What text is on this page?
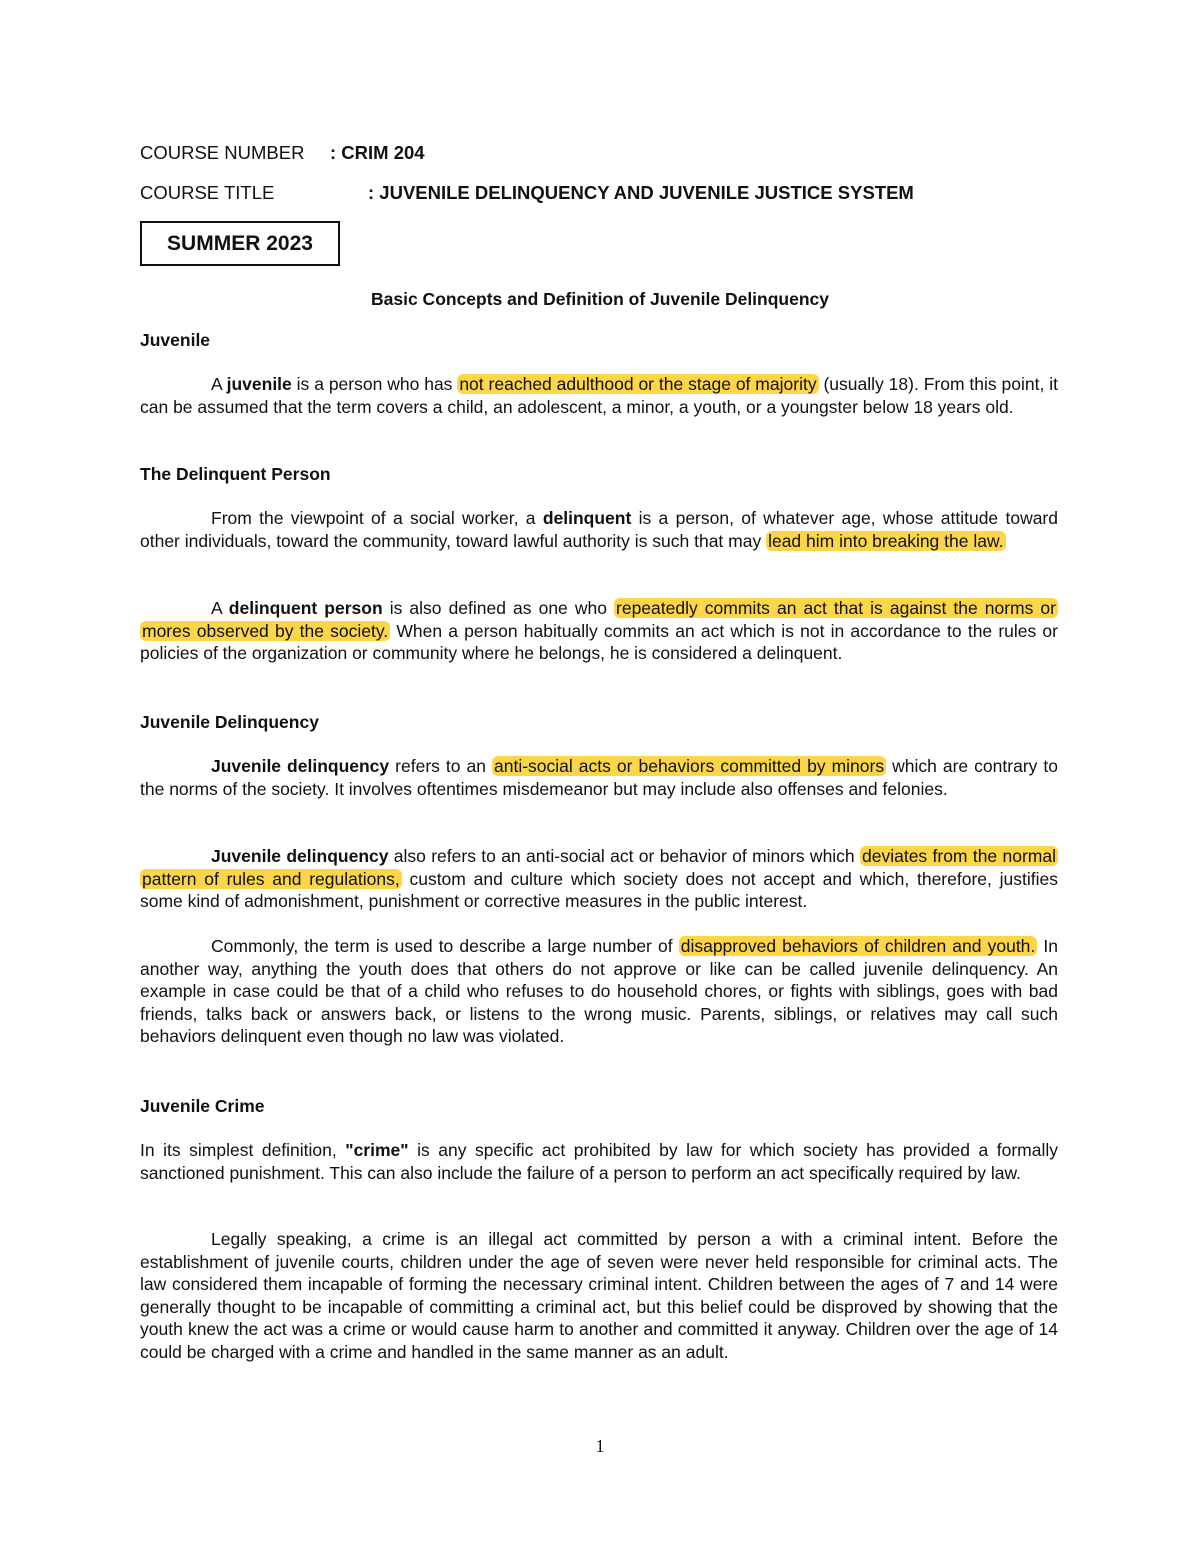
COURSE NUMBER : CRIM 204
COURSE TITLE	: JUVENILE DELINQUENCY AND JUVENILE JUSTICE SYSTEM
SUMMER 2023
Basic Concepts and Definition of Juvenile Delinquency
Juvenile

A juvenile is a person who has not reached adulthood or the stage of majority (usually 18). From this point, it can be assumed that the term covers a child, an adolescent, a minor, a youth, or a youngster below 18 years old.

The Delinquent Person

From the viewpoint of a social worker, a delinquent is a person, of whatever age, whose attitude toward other individuals, toward the community, toward lawful authority is such that may lead him into breaking the law.

A delinquent person is also defined as one who repeatedly commits an act that is against the norms or mores observed by the society. When a person habitually commits an act which is not in accordance to the rules or policies of the organization or community where he belongs, he is considered a delinquent.

Juvenile Delinquency

Juvenile delinquency refers to an anti-social acts or behaviors committed by minors which are contrary to the norms of the society. It involves oftentimes misdemeanor but may include also offenses and felonies.

Juvenile delinquency also refers to an anti-social act or behavior of minors which deviates from the normal pattern of rules and regulations, custom and culture which society does not accept and which, therefore, justifies some kind of admonishment, punishment or corrective measures in the public interest.

Commonly, the term is used to describe a large number of disapproved behaviors of children and youth. In another way, anything the youth does that others do not approve or like can be called juvenile delinquency. An example in case could be that of a child who refuses to do household chores, or fights with siblings, goes with bad friends, talks back or answers back, or listens to the wrong music. Parents, siblings, or relatives may call such behaviors delinquent even though no law was violated.

Juvenile Crime

In its simplest definition, "crime" is any specific act prohibited by law for which society has provided a formally sanctioned punishment. This can also include the failure of a person to perform an act specifically required by law.

Legally speaking, a crime is an illegal act committed by person a with a criminal intent. Before the establishment of juvenile courts, children under the age of seven were never held responsible for criminal acts. The law considered them incapable of forming the necessary criminal intent. Children between the ages of 7 and 14 were generally thought to be incapable of committing a criminal act, but this belief could be disproved by showing that the youth knew the act was a crime or would cause harm to another and committed it anyway. Children over the age of 14 could be charged with a crime and handled in the same manner as an adult.

1
